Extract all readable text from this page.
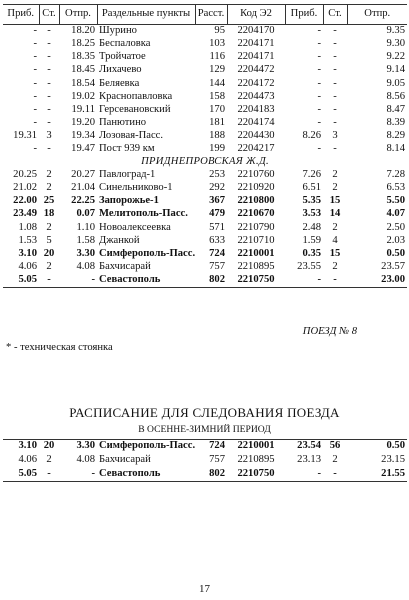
Приб.	Ст.	Отпр.	Раздельные пункты	Расст.	Код Э2	Приб.	Ст.	Отпр.
-	-	18.20	Шурино	95	2204170	-	-	9.35
-	-	18.25	Беспаловка	103	2204171	-	-	9.30
-	-	18.35	Тройчатое	116	2204171	-	-	9.22
-	-	18.45	Лихачево	129	2204472	-	-	9.14
-	-	18.54	Беляевка	144	2204172	-	-	9.05
-	-	19.02	Краснопавловка	158	2204473	-	-	8.56
-	-	19.11	Герсевановский	170	2204183	-	-	8.47
-	-	19.20	Панютино	181	2204174	-	-	8.39
19.31	3	19.34	Лозовая-Пасс.	188	2204430	8.26	3	8.29
-	-	19.47	Пост 939 км	199	2204217	-	-	8.14
ПРИДНЕПРОВСКАЯ Ж.Д.								
20.25	2	20.27	Павлоград-1	253	2210760	7.26	2	7.28
21.02	2	21.04	Синельниково-1	292	2210920	6.51	2	6.53
22.00	25	22.25	Запорожье-1	367	2210800	5.35	15	5.50
23.49	18	0.07	Мелитополь-Пасс.	479	2210670	3.53	14	4.07
1.08	2	1.10	Новоалексеевка	571	2210790	2.48	2	2.50
1.53	5	1.58	Джанкой	633	2210710	1.59	4	2.03
3.10	20	3.30	Симферополь-Пасс.	724	2210001	0.35	15	0.50
4.06	2	4.08	Бахчисарай	757	2210895	23.55	2	23.57
5.05	-	-	Севастополь	802	2210750	-	-	23.00
ПОЕЗД № 8
* - техническая стоянка
РАСПИСАНИЕ ДЛЯ СЛЕДОВАНИЯ ПОЕЗДА
В ОСЕННЕ-ЗИМНИЙ ПЕРИОД
3.10	20	3.30	Симферополь-Пасс.	724	2210001	23.54	56	0.50
4.06	2	4.08	Бахчисарай	757	2210895	23.13	2	23.15
5.05	-	-	Севастополь	802	2210750	-	-	21.55
17
